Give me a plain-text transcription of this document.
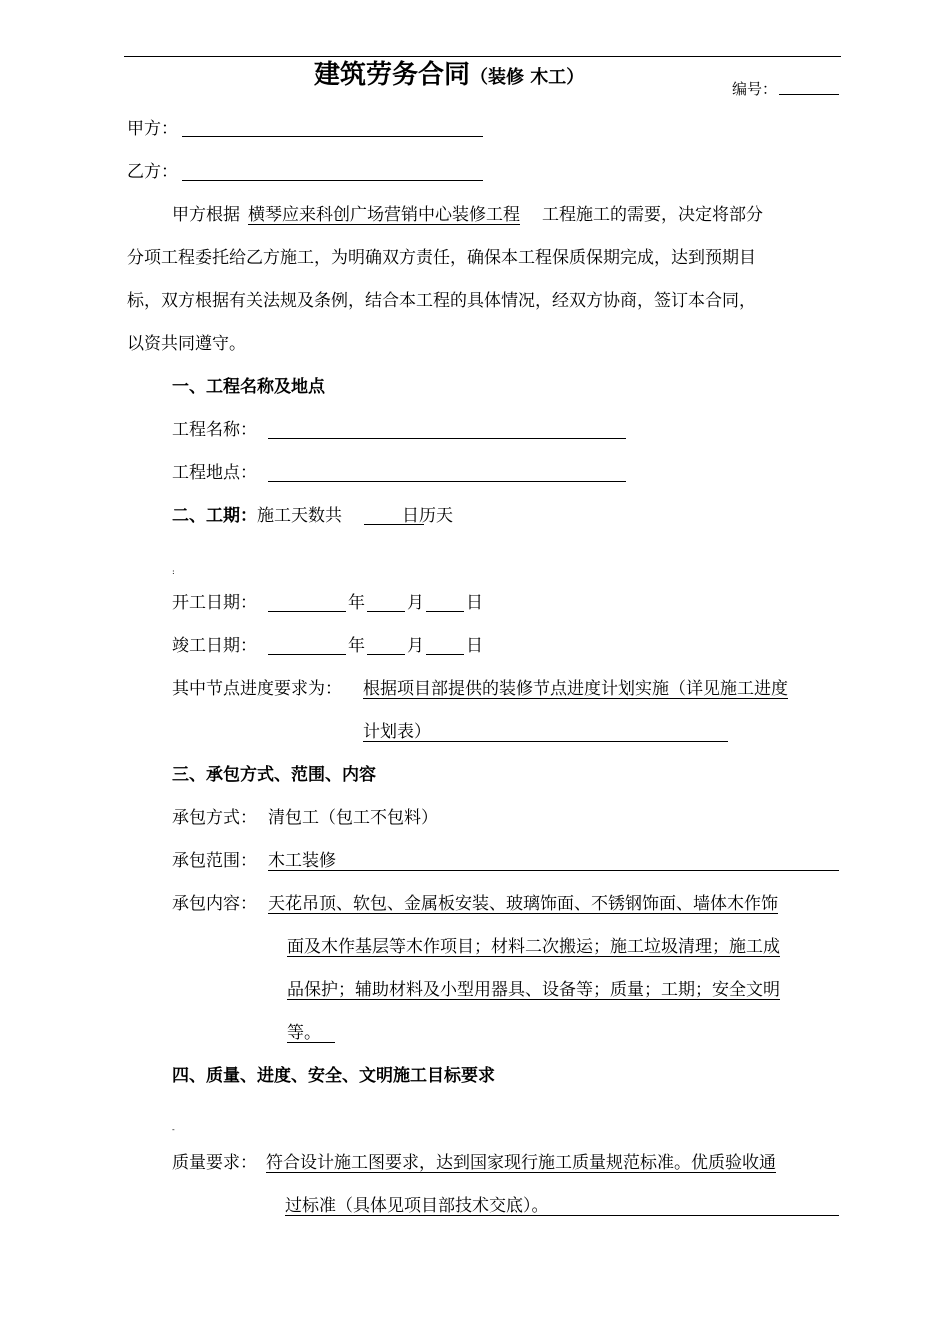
建筑劳务合同（装修 木工）
编号：
甲方：
乙方：
甲方根据 横琴应来科创广场营销中心装修工程 工程施工的需要，决定将部分
分项工程委托给乙方施工，为明确双方责任，确保本工程保质保期完成，达到预期目
标，双方根据有关法规及条例，结合本工程的具体情况，经双方协商，签订本合同，
以资共同遵守。
一、工程名称及地点
工程名称：
工程地点：
二、工期：施工天数共	日历天
:
开工日期：	年 月 日
竣工日期：	年 月 日
其中节点进度要求为： 根据项目部提供的装修节点进度计划实施（详见施工进度
计划表）
三、承包方式、范围、内容
承包方式： 清包工（包工不包料）
承包范围： 木工装修
承包内容： 天花吊顶、软包、金属板安装、玻璃饰面、不锈钢饰面、墙体木作饰
面及木作基层等木作项目；材料二次搬运；施工垃圾清理；施工成
品保护；辅助材料及小型用器具、设备等；质量；工期；安全文明
等。
四、质量、进度、安全、文明施工目标要求
-
质量要求： 符合设计施工图要求，达到国家现行施工质量规范标准。优质验收通
过标准（具体见项目部技术交底）。
